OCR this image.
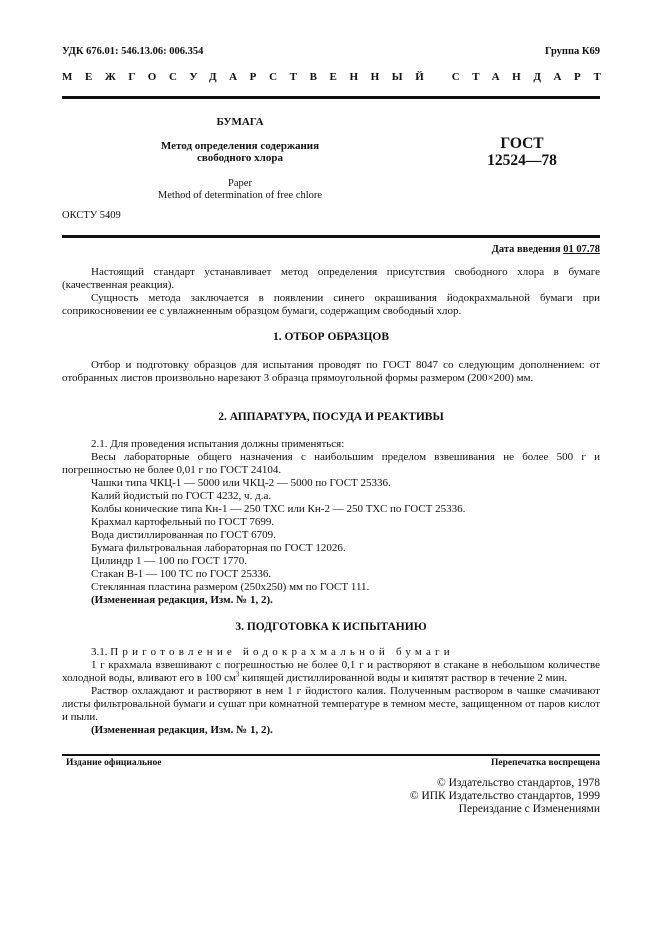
УДК 676.01: 546.13.06: 006.354	Группа К69
МЕЖГОСУДАРСТВЕННЫЙ СТАНДАРТ
БУМАГА
Метод определения содержания
свободного хлора
ГОСТ
12524—78
Paper
Method of determination of free chlore
ОКСТУ 5409
Дата введения 01 07.78

Настоящий стандарт устанавливает метод определения присутствия свободного хлора в бумаге (качественная реакция).

Сущность метода заключается в появлении синего окрашивания йодокрахмальной бумаги при соприкосновении ее с увлажненным образцом бумаги, содержащим свободный хлор.

1. ОТБОР ОБРАЗЦОВ

Отбор и подготовку образцов для испытания проводят по ГОСТ 8047 со следующим дополнением: от отобранных листов произвольно нарезают 3 образца прямоугольной формы размером (200×200) мм.

2. АППАРАТУРА, ПОСУДА И РЕАКТИВЫ
2.1. Для проведения испытания должны применяться:

Весы лабораторные общего назначения с наибольшим пределом взвешивания не более 500 г и погрешностью не более 0,01 г по ГОСТ 24104.

Чашки типа ЧКЦ-1 — 5000 или ЧКЦ-2 — 5000 по ГОСТ 25336.
Калий йодистый по ГОСТ 4232, ч. д.а.
Колбы конические типа Кн-1 — 250 ТХС или Кн-2 — 250 ТХС по ГОСТ 25336.
Крахмал картофельный по ГОСТ 7699.
Вода дистиллированная по ГОСТ 6709.
Бумага фильтровальная лабораторная по ГОСТ 12026.
Цилиндр 1 — 100 по ГОСТ 1770.
Стакан В-1 — 100 ТС по ГОСТ 25336.
Стеклянная пластина размером (250х250) мм по ГОСТ 111.
(Измененная редакция, Изм. № 1, 2).
3. ПОДГОТОВКА К ИСПЫТАНИЮ
3.1. Приготовление йодокрахмальной бумаги

1 г крахмала взвешивают с погрешностью не более 0,1 г и растворяют в стакане в небольшом количестве холодной воды, вливают его в 100 $см^3$ кипящей дистиллированной воды и кипятят раствор в течение 2 мин.

Раствор охлаждают и растворяют в нем 1 г йодистого калия. Полученным раствором в чашке смачивают листы фильтровальной бумаги и сушат при комнатной температуре в темном месте, защищенном от паров кислот и пыли.

(Измененная редакция, Изм. № 1, 2).
Издание официальное	Перепечатка воспрещена
© Издательство стандартов, 1978
© ИПК Издательство стандартов, 1999
Переиздание с Изменениями
